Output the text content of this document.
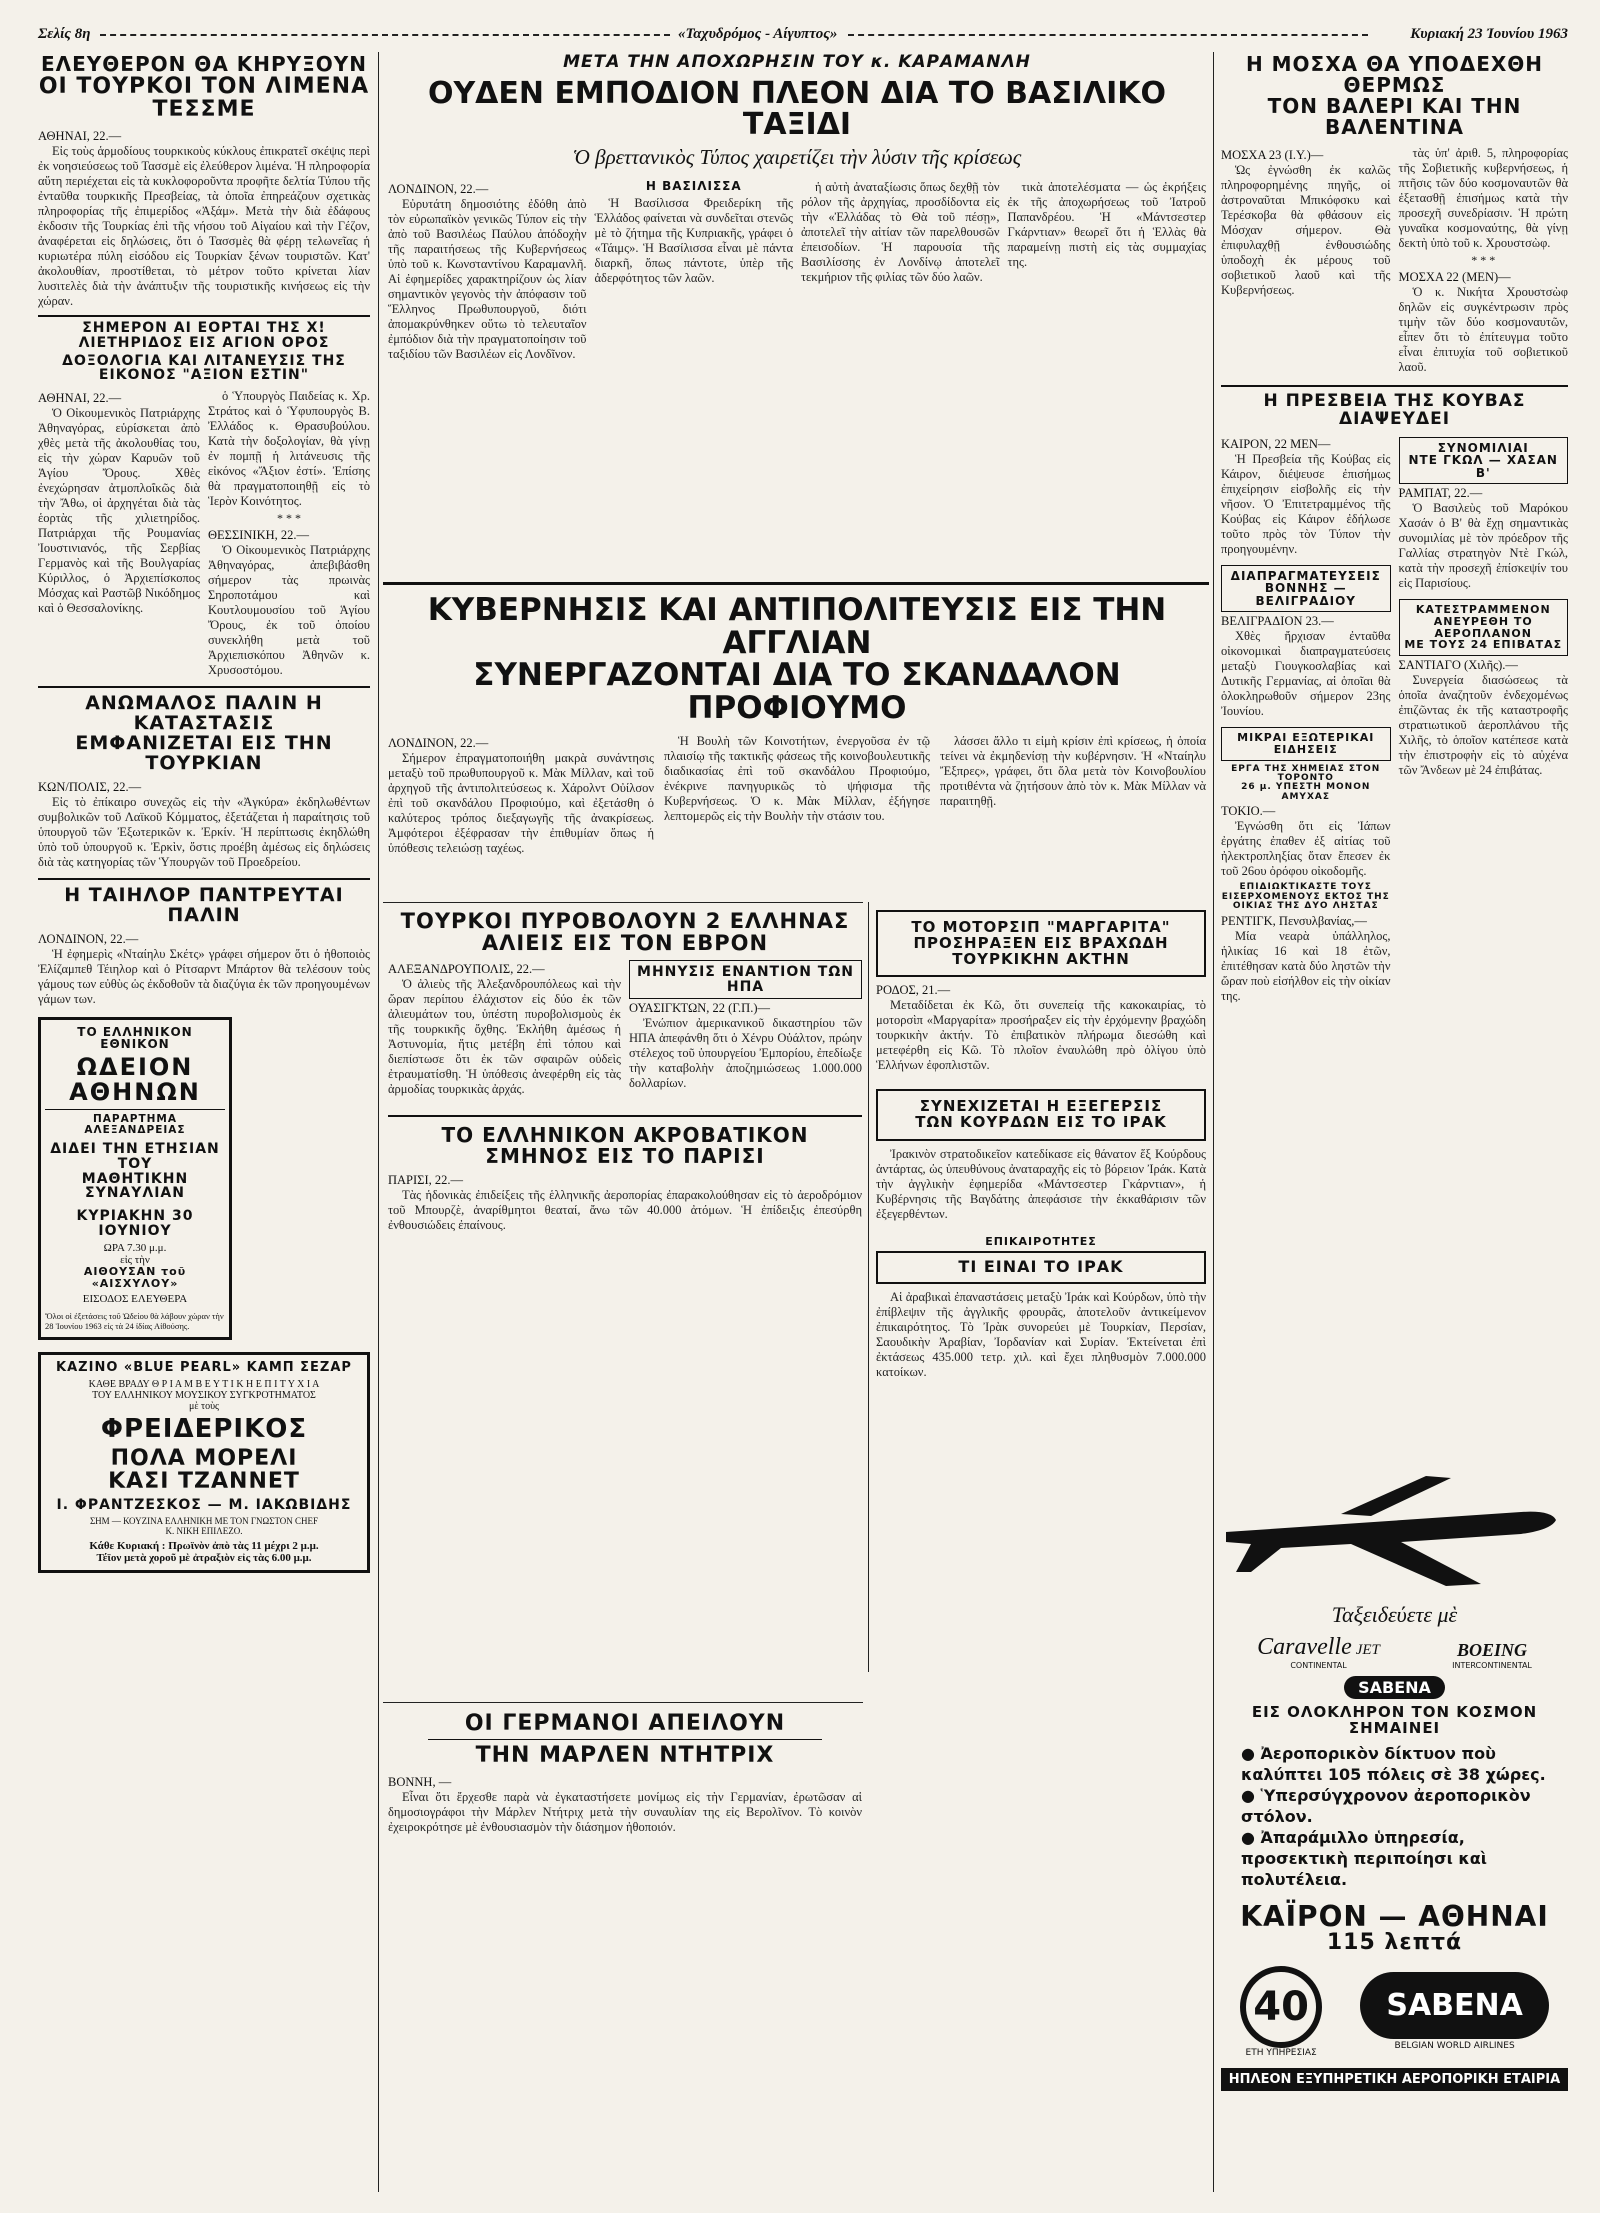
Σελίς 8η	«Ταχυδρόμος - Αίγυπτος»	Κυριακή 23 Ἰουνίου 1963
ΕΛΕΥΘΕΡΟΝ ΘΑ ΚΗΡΥΞΟΥΝ
ΟΙ ΤΟΥΡΚΟΙ ΤΟΝ ΛΙΜΕΝΑ ΤΕΣΣΜΕ

ΑΘΗΝΑΙ, 22.—

Εἰς τοὺς ἁρμοδίους τουρκικοὺς κύκλους ἐπικρατεῖ σκέψις περὶ ἐκ νοησιεύσεως τοῦ Τασσμὲ εἰς ἐλεύθερον λιμένα. Ἡ πληροφορία αὕτη περιέχεται εἰς τὰ κυκλοφοροῦντα προφῆτε δελτία Τύπου τῆς ἐνταῦθα τουρκικῆς Πρεσβείας, τὰ ὁποῖα ἐπηρεάζουν σχετικὰς πληροφορίας τῆς ἐπιμερίδος «Ἀξάμ». Μετὰ τὴν διὰ ἐδάφους ἐκδοσιν τῆς Τουρκίας ἐπὶ τῆς νήσου τοῦ Αἰγαίου καὶ τὴν Γέζον, ἀναφέρεται εἰς δηλώσεις, ὅτι ὁ Τασσμὲς θὰ φέρῃ τελωνεῖας ἡ κυριωτέρα πύλη εἰσόδου εἰς Τουρκίαν ξένων τουριστῶν. Κατ' ἀκολουθίαν, προστίθεται, τὸ μέτρον τοῦτο κρίνεται λίαν λυσιτελὲς διὰ τὴν ἀνάπτυξιν τῆς τουριστικῆς κινήσεως εἰς τὴν χώραν.

ΣΗΜΕΡΟΝ ΑΙ ΕΟΡΤΑΙ ΤΗΣ Χ! ΛΙΕΤΗΡΙΔΟΣ ΕΙΣ ΑΓΙΟΝ ΟΡΟΣ
ΔΟΞΟΛΟΓΙΑ ΚΑΙ ΛΙΤΑΝΕΥΣΙΣ ΤΗΣ ΕΙΚΟΝΟΣ "ΑΞΙΟΝ ΕΣΤΙΝ"

ΑΘΗΝΑΙ, 22.—

Ὁ Οἰκουμενικὸς Πατριάρχης Ἀθηναγόρας, εὑρίσκεται ἀπὸ χθὲς μετὰ τῆς ἀκολουθίας του, εἰς τὴν χώραν Καρυῶν τοῦ Ἁγίου Ὄρους. Χθὲς ἐνεχώρησαν ἀτμοπλοΐκῶς διὰ τὴν Ἄθω, οἱ ἀρχηγέται διὰ τὰς ἑορτὰς τῆς χιλιετηρίδος. Πατριάρχαι τῆς Ρουμανίας Ἰουστινιανός, τῆς Σερβίας Γερμανὸς καὶ τῆς Βουλγαρίας Κύριλλος, ὁ Ἀρχιεπίσκοπος Μόσχας καὶ Ραστῶβ Νικόδημος καὶ ὁ Θεσσαλονίκης.

ὁ Ὑπουργὸς Παιδείας κ. Χρ. Στράτος καὶ ὁ Ὑφυπουργὸς Β. Ἐλλάδος κ. Θρασυβούλου. Κατὰ τὴν δοξολογίαν, θὰ γίνῃ ἐν πομπῇ ἡ λιτάνευσις τῆς εἰκόνος «Ἄξιον ἐστί». Ἐπίσης θὰ πραγματοποιηθῇ εἰς τὸ Ἱερὸν Κοινότητος.

* * *

ΘΕΣΣΙΝΙΚΗ, 22.—

Ὁ Οἰκουμενικὸς Πατριάρχης Ἀθηναγόρας, ἀπεβιβάσθη σήμερον τὰς πρωινὰς Σηροποτάμου καὶ Κουτλουμουσίου τοῦ Ἁγίου Ὄρους, ἐκ τοῦ ὁποίου συνεκλήθη μετὰ τοῦ Ἀρχιεπισκόπου Ἀθηνῶν κ. Χρυσοστόμου.

ΑΝΩΜΑΛΟΣ ΠΑΛΙΝ Η ΚΑΤΑΣΤΑΣΙΣ
ΕΜΦΑΝΙΖΕΤΑΙ ΕΙΣ ΤΗΝ ΤΟΥΡΚΙΑΝ

ΚΩΝ/ΠΟΛΙΣ, 22.—

Εἰς τὸ ἐπίκαιρο συνεχῶς εἰς τὴν «Ἀγκύρα» ἐκδηλωθέντων συμβολικῶν τοῦ Λαϊκοῦ Κόμματος, ἐξετάζεται ἡ παραίτησις τοῦ ὑπουργοῦ τῶν Ἐξωτερικῶν κ. Ἐρκίν. Ἡ περίπτωσις ἐκηδλώθη ὑπὸ τοῦ ὑπουργοῦ κ. Ἐρκὶν, ὅστις προέβη ἀμέσως εἰς δηλώσεις διὰ τὰς κατηγορίας τῶν Ὑπουργῶν τοῦ Προεδρείου.

Η ΤΑΙΗΛΟΡ ΠΑΝΤΡΕΥΤΑΙ ΠΑΛΙΝ

ΛΟΝΔΙΝΟΝ, 22.—

Ἡ ἐφημερὶς «Νταίηλυ Σκέτς» γράφει σήμερον ὅτι ὁ ἠθοποιὸς Ἐλίζαμπεθ Τέιηλορ καὶ ὁ Ρίτσαρντ Μπάρτον θὰ τελέσουν τοὺς γάμους των εὐθὺς ὡς ἐκδοθοῦν τὰ διαζύγια ἐκ τῶν προηγουμένων γάμων των.

ΤΟ ΕΛΛΗΝΙΚΟΝ ΕΘΝΙΚΟΝ

ΩΔΕΙΟΝ ΑΘΗΝΩΝ

ΠΑΡΑΡΤΗΜΑ ΑΛΕΞΑΝΔΡΕΙΑΣ

ΔΙΔΕΙ ΤΗΝ ΕΤΗΣΙΑΝ ΤΟΥ

ΜΑΘΗΤΙΚΗΝ ΣΥΝΑΥΛΙΑΝ

ΚΥΡΙΑΚΗΝ 30 ΙΟΥΝΙΟΥ

ΩΡΑ 7.30 μ.μ.

εἰς τὴν

ΑΙΘΟΥΣΑΝ τοῦ «ΑΙΣΧΥΛΟΥ»

ΕΙΣΟΔΟΣ ΕΛΕΥΘΕΡΑ

Ὅλοι οἱ ἐξετάσεις τοῦ Ὠδείου θὰ λάβουν χώραν τὴν 28 Ἰουνίου 1963 εἰς τὰ 24 ἰδίας Αἰθούσης.

ΚΑΖΙΝΟ «BLUE PEARL» ΚΑΜΠ ΣΕΖΑΡ

ΚΑΘΕ ΒΡΑΔΥ Θ Ρ Ι Α Μ Β Ε Υ Τ Ι Κ Η Ε Π Ι Τ Υ Χ Ι Α

ΤΟΥ ΕΛΛΗΝΙΚΟΥ ΜΟΥΣΙΚΟΥ ΣΥΓΚΡΟΤΗΜΑΤΟΣ

μὲ τοὺς

ΦΡΕΙΔΕΡΙΚΟΣ

ΠΟΛΑ ΜΟΡΕΛΙ

ΚΑΣΙ ΤΖΑΝΝΕΤ

Ι. ΦΡΑΝΤΖΕΣΚΟΣ — Μ. ΙΑΚΩΒΙΔΗΣ

ΣΗΜ — ΚΟΥΖΙΝΑ ΕΛΛΗΝΙΚΗ ΜΕ ΤΟΝ ΓΝΩΣΤΟΝ CHEF

Κ. ΝΙΚΗ ΕΠΙΛΕΖΟ.

Κάθε Κυριακή : Πρωϊνὸν ἀπὸ τὰς 11 μέχρι 2 μ.μ.

Τέϊον μετὰ χοροῦ μὲ ἀτραξιὸν εἰς τὰς 6.00 μ.μ.

ΜΕΤΑ ΤΗΝ ΑΠΟΧΩΡΗΣΙΝ ΤΟΥ κ. ΚΑΡΑΜΑΝΛΗ

ΟΥΔΕΝ ΕΜΠΟΔΙΟΝ ΠΛΕΟΝ ΔΙΑ ΤΟ ΒΑΣΙΛΙΚΟ ΤΑΞΙΔΙ

Ὁ βρεττανικὸς Τύπος χαιρετίζει τὴν λύσιν τῆς κρίσεως

ΛΟΝΔΙΝΟΝ, 22.—

Εὐρυτάτη δημοσιότης ἐδόθη ἀπὸ τὸν εὐρωπαϊκὸν γενικῶς Τύπον εἰς τὴν ἀπὸ τοῦ Βασιλέως Παύλου ἀπόδοχὴν τῆς παραιτήσεως τῆς Κυβερνήσεως ὑπὸ τοῦ κ. Κωνσταντίνου Καραμανλῆ. Αἱ ἐφημερίδες χαρακτηρίζουν ὡς λίαν σημαντικὸν γεγονὸς τὴν ἀπόφασιν τοῦ Ἕλληνος Πρωθυπουργοῦ, διότι ἀπομακρύνθηκεν οὕτω τὸ τελευταῖον ἐμπόδιον διὰ τὴν πραγματοποίησιν τοῦ ταξιδίου τῶν Βασιλέων εἰς Λονδῖνον.

Η ΒΑΣΙΛΙΣΣΑ

Ἡ Βασίλισσα Φρειδερίκη τῆς Ἑλλάδος φαίνεται νὰ συνδεῖται στενῶς μὲ τὸ ζήτημα τῆς Κυπριακῆς, γράφει ὁ «Τάιμς». Ἡ Βασίλισσα εἶναι μὲ πάντα διαρκῆ, ὅπως πάντοτε, ὑπὲρ τῆς ἀδερφότητος τῶν λαῶν.

ἡ αὐτὴ ἀναταξίωσις ὅπως δεχθῇ τὸν ρόλον τῆς ἀρχηγίας, προσδίδοντα εἰς τὴν «Ἐλλάδας τὸ Θὰ τοῦ πέσῃ», ἀποτελεῖ τὴν αἰτίαν τῶν παρελθουσῶν ἐπεισοδίων. Ἡ παρουσία τῆς Βασιλίσσης ἐν Λονδίνῳ ἀποτελεῖ τεκμήριον τῆς φιλίας τῶν δύο λαῶν.

τικὰ ἀποτελέσματα — ὡς ἐκρήξεις ἐκ τῆς ἀποχωρήσεως τοῦ Ἰατροῦ Παπανδρέου. Ἡ «Μάντσεστερ Γκάρντιαν» θεωρεῖ ὅτι ἡ Ἑλλὰς θὰ παραμείνῃ πιστὴ εἰς τὰς συμμαχίας της.

ΚΥΒΕΡΝΗΣΙΣ ΚΑΙ ΑΝΤΙΠΟΛΙΤΕΥΣΙΣ ΕΙΣ ΤΗΝ ΑΓΓΛΙΑΝ
ΣΥΝΕΡΓΑΖΟΝΤΑΙ ΔΙΑ ΤΟ ΣΚΑΝΔΑΛΟΝ ΠΡΟΦΙΟΥΜΟ

ΛΟΝΔΙΝΟΝ, 22.—

Σήμερον ἐπραγματοποιήθη μακρὰ συνάντησις μεταξὺ τοῦ πρωθυπουργοῦ κ. Μὰκ Μίλλαν, καὶ τοῦ ἀρχηγοῦ τῆς ἀντιπολιτεύσεως κ. Χάρολντ Οὐίλσον ἐπὶ τοῦ σκανδάλου Προφιούμο, καὶ ἐξετάσθη ὁ καλύτερος τρόπος διεξαγωγῆς τῆς ἀνακρίσεως. Ἀμφότεροι ἐξέφρασαν τὴν ἐπιθυμίαν ὅπως ἡ ὑπόθεσις τελειώσῃ ταχέως.

Ἡ Βουλὴ τῶν Κοινοτήτων, ἐνεργοῦσα ἐν τῷ πλαισίῳ τῆς τακτικῆς φάσεως τῆς κοινοβουλευτικῆς διαδικασίας ἐπὶ τοῦ σκανδάλου Προφιούμο, ἐνέκρινε πανηγυρικῶς τὸ ψήφισμα τῆς Κυβερνήσεως. Ὁ κ. Μὰκ Μίλλαν, ἐξήγησε λεπτομερῶς εἰς τὴν Βουλὴν τὴν στάσιν του.

λάσσει ἄλλο τι εἰμὴ κρίσιν ἐπὶ κρίσεως, ἡ ὁποία τείνει νὰ ἐκμηδενίσῃ τὴν κυβέρνησιν. Ἡ «Νταίηλυ Ἔξπρες», γράφει, ὅτι ὅλα μετὰ τὸν Κοινοβουλίου προτιθέντα νὰ ζητήσουν ἀπὸ τὸν κ. Μὰκ Μίλλαν νὰ παραιτηθῇ.

ΤΟΥΡΚΟΙ ΠΥΡΟΒΟΛΟΥΝ 2 ΕΛΛΗΝΑΣ ΑΛΙΕΙΣ ΕΙΣ ΤΟΝ ΕΒΡΟΝ

ΑΛΕΞΑΝΔΡΟΥΠΟΛΙΣ, 22.—

Ὁ ἀλιεὺς τῆς Ἀλεξανδρουπόλεως καὶ τὴν ὥραν περίπου ἐλάχιστον εἰς δύο ἐκ τῶν ἀλιευμάτων του, ὑπέστη πυροβολισμοὺς ἐκ τῆς τουρκικῆς ὄχθης. Ἐκλήθη ἀμέσως ἡ Ἀστυνομία, ἥτις μετέβη ἐπὶ τόπου καὶ διεπίστωσε ὅτι ἐκ τῶν σφαιρῶν οὐδεὶς ἐτραυματίσθη. Ἡ ὑπόθεσις ἀνεφέρθη εἰς τὰς ἀρμοδίας τουρκικὰς ἀρχάς.

ΜΗΝΥΣΙΣ ΕΝΑΝΤΙΟΝ ΤΩΝ ΗΠΑ

ΟΥΑΣΙΓΚΤΩΝ, 22 (Γ.Π.)—

Ἐνώπιον ἀμερικανικοῦ δικαστηρίου τῶν ΗΠΑ ἀπεφάνθη ὅτι ὁ Χένρυ Οὐάλτον, πρώην στέλεχος τοῦ ὑπουργείου Ἐμπορίου, ἐπεδίωξε τὴν καταβολὴν ἀποζημιώσεως 1.000.000 δολλαρίων.

ΤΟ ΕΛΛΗΝΙΚΟΝ ΑΚΡΟΒΑΤΙΚΟΝ
ΣΜΗΝΟΣ ΕΙΣ ΤΟ ΠΑΡΙΣΙ

ΠΑΡΙΣΙ, 22.—

Τὰς ἡδονικὰς ἐπιδείξεις τῆς ἑλληνικῆς ἀεροπορίας ἐπαρακολούθησαν εἰς τὸ ἀεροδρόμιον τοῦ Μπουρζὲ, ἀναρίθμητοι θεαταί, ἄνω τῶν 40.000 ἀτόμων. Ἡ ἐπίδειξις ἐπεσύρθη ἐνθουσιώδεις ἐπαίνους.

ΤΟ ΜΟΤΟΡΣΙΠ "ΜΑΡΓΑΡΙΤΑ"

ΠΡΟΣΗΡΑΞΕΝ ΕΙΣ ΒΡΑΧΩΔΗ

ΤΟΥΡΚΙΚΗΝ ΑΚΤΗΝ

ΡΟΔΟΣ, 21.—

Μεταδίδεται ἐκ Κῶ, ὅτι συνεπείᾳ τῆς κακοκαιρίας, τὸ μοτορσὶπ «Μαργαρίτα» προσήραξεν εἰς τὴν ἐρχόμενην βραχώδη τουρκικὴν ἀκτήν. Τὸ ἐπιβατικὸν πλήρωμα διεσώθη καὶ μετεφέρθη εἰς Κῶ. Τὸ πλοῖον ἐναυλώθη πρὸ ὀλίγου ὑπὸ Ἑλλήνων ἐφοπλιστῶν.

ΣΥΝΕΧΙΖΕΤΑΙ Η ΕΞΕΓΕΡΣΙΣ

ΤΩΝ ΚΟΥΡΔΩΝ ΕΙΣ ΤΟ ΙΡΑΚ

Ἰρακινὸν στρατοδικεῖον κατεδίκασε εἰς θάνατον ἕξ Κούρδους ἀντάρτας, ὡς ὑπευθύνους ἀναταραχῆς εἰς τὸ βόρειον Ἰράκ. Κατὰ τὴν ἀγγλικὴν ἐφημερίδα «Μάντσεστερ Γκάρντιαν», ἡ Κυβέρνησις τῆς Βαγδάτης ἀπεφάσισε τὴν ἐκκαθάρισιν τῶν ἐξεγερθέντων.

ΕΠΙΚΑΙΡΟΤΗΤΕΣ

ΤΙ ΕΙΝΑΙ ΤΟ ΙΡΑΚ

Αἱ ἀραβικαὶ ἐπαναστάσεις μεταξὺ Ἰράκ καὶ Κούρδων, ὑπὸ τὴν ἐπίβλεψιν τῆς ἀγγλικῆς φρουρᾶς, ἀποτελοῦν ἀντικείμενον ἐπικαιρότητος. Τὸ Ἰρὰκ συνορεύει μὲ Τουρκίαν, Περσίαν, Σαουδικὴν Ἀραβίαν, Ἰορδανίαν καὶ Συρίαν. Ἐκτείνεται ἐπὶ ἐκτάσεως 435.000 τετρ. χιλ. καὶ ἔχει πληθυσμὸν 7.000.000 κατοίκων.

ΟΙ ΓΕΡΜΑΝΟΙ ΑΠΕΙΛΟΥΝ
ΤΗΝ ΜΑΡΛΕΝ ΝΤΗΤΡΙΧ

ΒΟΝΝΗ, —

Εἶναι ὅτι ἔρχεσθε παρὰ νὰ ἐγκαταστήσετε μονίμως εἰς τὴν Γερμανίαν, ἐρωτῶσαν αἱ δημοσιογράφοι τὴν Μάρλεν Ντήτριχ μετὰ τὴν συναυλίαν της εἰς Βερολῖνον. Τὸ κοινὸν ἐχειροκρότησε μὲ ἐνθουσιασμὸν τὴν διάσημον ἠθοποιόν.

Η ΜΟΣΧΑ ΘΑ ΥΠΟΔΕΧΘΗ ΘΕΡΜΩΣ
ΤΟΝ ΒΑΛΕΡΙ ΚΑΙ ΤΗΝ ΒΑΛΕΝΤΙΝΑ

ΜΟΣΧΑ 23 (Ι.Υ.)—

Ὡς ἐγνώσθη ἐκ καλῶς πληροφορημένης πηγῆς, οἱ ἀστροναῦται Μπικόφσκυ καὶ Τερέσκοβα θὰ φθάσουν εἰς Μόσχαν σήμερον. Θὰ ἐπιφυλαχθῇ ἐνθουσιώδης ὑποδοχὴ ἐκ μέρους τοῦ σοβιετικοῦ λαοῦ καὶ τῆς Κυβερνήσεως.

τὰς ὑπ' ἀριθ. 5, πληροφορίας τῆς Σοβιετικῆς κυβερνήσεως, ἡ πτῆσις τῶν δύο κοσμοναυτῶν θὰ ἐξετασθῇ ἐπισήμως κατὰ τὴν προσεχῆ συνεδρίασιν. Ἡ πρώτη γυναῖκα κοσμοναύτης, θὰ γίνῃ δεκτὴ ὑπὸ τοῦ κ. Χρουστσὼφ.

* * *

ΜΟΣΧΑ 22 (ΜΕΝ)—

Ὁ κ. Νικήτα Χρουστσὼφ δηλῶν εἰς συγκέντρωσιν πρὸς τιμὴν τῶν δύο κοσμοναυτῶν, εἶπεν ὅτι τὸ ἐπίτευγμα τοῦτο εἶναι ἐπιτυχία τοῦ σοβιετικοῦ λαοῦ.

Η ΠΡΕΣΒΕΙΑ ΤΗΣ ΚΟΥΒΑΣ ΔΙΑΨΕΥΔΕΙ

ΚΑΙΡΟΝ, 22 ΜΕΝ—

Ἡ Πρεσβεία τῆς Κούβας εἰς Κάιρον, διέψευσε ἐπισήμως ἐπιχείρησιν εἰσβολῆς εἰς τὴν νῆσον. Ὁ Ἐπιτετραμμένος τῆς Κούβας εἰς Κάιρον ἐδήλωσε τοῦτο πρὸς τὸν Τύπον τὴν προηγουμένην.

ΔΙΑΠΡΑΓΜΑΤΕΥΣΕΙΣ

ΒΟΝΝΗΣ — ΒΕΛΙΓΡΑΔΙΟΥ

ΒΕΛΙΓΡΑΔΙΟΝ 23.—

Χθὲς ἤρχισαν ἐνταῦθα οἰκονομικαὶ διαπραγματεύσεις μεταξὺ Γιουγκοσλαβίας καὶ Δυτικῆς Γερμανίας, αἱ ὁποῖαι θὰ ὁλοκληρωθοῦν σήμερον 23ης Ἰουνίου.

ΜΙΚΡΑΙ ΕΞΩΤΕΡΙΚΑΙ ΕΙΔΗΣΕΙΣ

ΕΡΓΑ ΤΗΣ ΧΗΜΕΙΑΣ ΣΤΟΝ ΤΟΡΟΝΤΟ

26 μ. ΥΠΕΣΤΗ ΜΟΝΟΝ ΑΜΥΧΑΣ

ΤΟΚΙΟ.—

Ἐγνώσθη ὅτι εἰς Ἰάπων ἐργάτης ἐπαθεν ἐξ αἰτίας τοῦ ἠλεκτροπληξίας ὅταν ἔπεσεν ἐκ τοῦ 26ου ὀρόφου οἰκοδομῆς.

ΕΠΙΔΙΩΚΤΙΚΑΣΤΕ ΤΟΥΣ ΕΙΣΕΡΧΟΜΕΝΟΥΣ ΕΚΤΟΣ ΤΗΣ ΟΙΚΙΑΣ ΤΗΣ ΔΥΟ ΛΗΣΤΑΣ

ΡΕΝΤΙΓΚ, Πενσυλβανίας,—

Μία νεαρὰ ὑπάλληλος, ἡλικίας 16 καὶ 18 ἐτῶν, ἐπιτέθησαν κατὰ δύο ληστῶν τὴν ὥραν ποὺ εἰσήλθον εἰς τὴν οἰκίαν της.

ΣΥΝΟΜΙΛΙΑΙ

ΝΤΕ ΓΚΩΛ — ΧΑΣΑΝ Β'

ΡΑΜΠΑΤ, 22.—

Ὁ Βασιλεὺς τοῦ Μαρόκου Χασάν ὁ Β' θὰ ἔχῃ σημαντικὰς συνομιλίας μὲ τὸν πρόεδρον τῆς Γαλλίας στρατηγὸν Ντὲ Γκώλ, κατὰ τὴν προσεχῆ ἐπίσκεψίν του εἰς Παρισίους.

ΚΑΤΕΣΤΡΑΜΜΕΝΟΝ

ΑΝΕΥΡΕΘΗ ΤΟ ΑΕΡΟΠΛΑΝΟΝ

ΜΕ ΤΟΥΣ 24 ΕΠΙΒΑΤΑΣ

ΣΑΝΤΙΑΓΟ (Χιλῆς).—

Συνεργεία διασώσεως τὰ ὁποῖα ἀναζητοῦν ἐνδεχομένως ἐπιζῶντας ἐκ τῆς καταστροφῆς στρατιωτικοῦ ἀεροπλάνου τῆς Χιλῆς, τὸ ὁποῖον κατέπεσε κατὰ τὴν ἐπιστροφὴν εἰς τὸ αὐχένα τῶν Ἄνδεων μὲ 24 ἐπιβάτας.

Ταξειδεύετε μὲ

Caravelle JET
CONTINENTAL
BOEING
INTERCONTINENTAL
SABENA

ΕΙΣ ΟΛΟΚΛΗΡΟΝ ΤΟΝ ΚΟΣΜΟΝ

ΣΗΜΑΙΝΕΙ

● Ἀεροπορικὸν δίκτυον ποὺ καλύπτει 105 πόλεις σὲ 38 χώρες.
● Ὑπερσύγχρονον ἀεροπορικὸν στόλον.
● Ἀπαράμιλλο ὑπηρεσία, προσεκτικὴ περιποίησι καὶ πολυτέλεια.

ΚΑΪΡΟΝ — ΑΘΗΝΑΙ

115 λεπτά

40
ΕΤΗ ΥΠΗΡΕΣΙΑΣ
SABENA
BELGIAN WORLD AIRLINES
ΗΠΛΕΟΝ ΕΞΥΠΗΡΕΤΙΚΗ ΑΕΡΟΠΟΡΙΚΗ ΕΤΑΙΡΙΑ
